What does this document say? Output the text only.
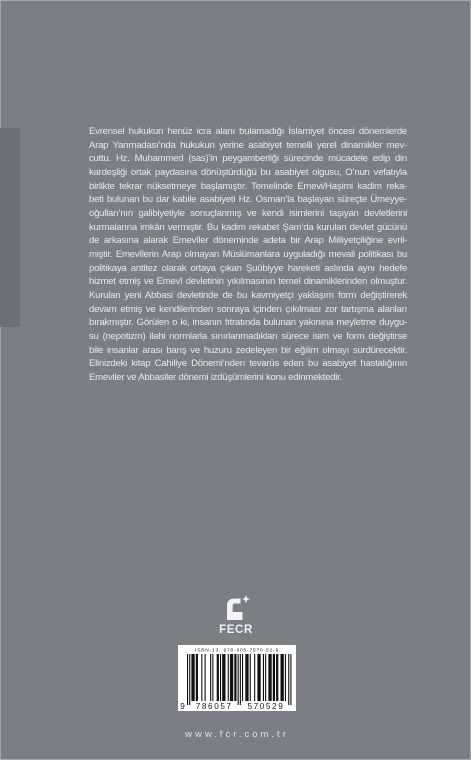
Evrensel hukukun henüz icra alanı bulamadığı İslamiyet öncesi dönemlerde
Arap Yarımadası’nda hukukun yerine asabiyet temelli yerel dinamikler mev-
cuttu. Hz. Muhammed (sas)’in peygamberliği sürecinde mücadele edip din
kardeşliği ortak paydasına dönüştürdüğü bu asabiyet olgusu, O’nun vefatıyla
birlikte tekrar nüksetmeye başlamıştır. Temelinde Emevi/Haşimi kadim reka-
beti bulunan bu dar kabile asabiyeti Hz. Osman’la başlayan süreçte Ümeyye-
oğulları’nın galibiyetiyle sonuçlanmış ve kendi isimlerini taşıyan devletlerini
kurmalarına imkân vermiştir. Bu kadim rekabet Şam’da kurulan devlet gücünü
de arkasına alarak Emevîler döneminde adeta bir Arap Milliyetçiliğine evril-
miştir. Emevîlerin Arap olmayan Müslümanlara uyguladığı mevali politikası bu
politikaya antitez olarak ortaya çıkan Şuûbiyye hareketi aslında aynı hedefe
hizmet etmiş ve Emevî devletinin yıkılmasının temel dinamiklerinden olmuştur.
Kurulan yeni Abbasi devletinde de bu kavmiyetçi yaklaşım form değiştirerek
devam etmiş ve kendilerinden sonraya içinden çıkılması zor tartışma alanları
bırakmıştır. Görülen o ki, insanın fıtratında bulunan yakınına meyletme duygu-
su (nepotizm) ilahi normlarla sınırlanmadıkları sürece isim ve form değiştirse
bile insanlar arası barış ve huzuru zedeleyen bir eğilim olmayı sürdürecektir.
Elinizdeki kitap Cahiliye Dönemi’nden tevarüs eden bu asabiyet hastalığının
Emeviler ve Abbasiler dönemi izdüşümlerini konu edinmektedir.
FECR
ISBN-13: 978-605-7570-52-9
9 786057 570529
www.fcr.com.tr
